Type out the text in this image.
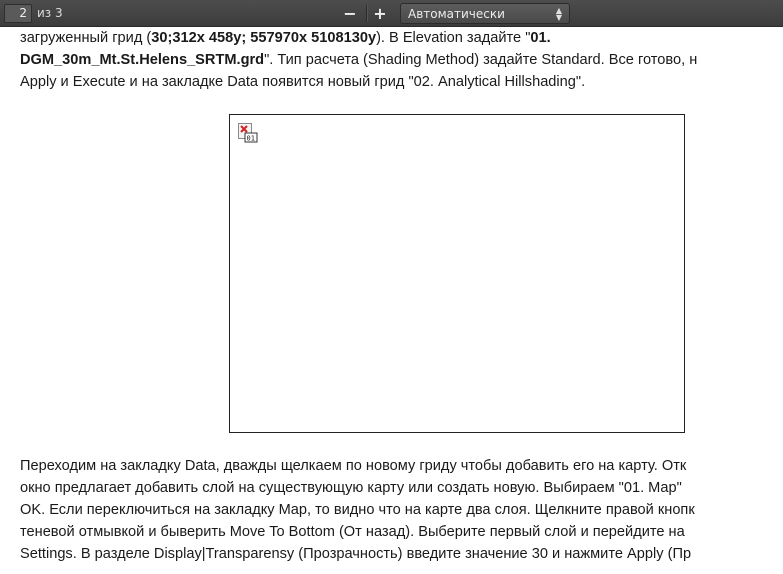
2 из 3	− +	Автоматически	▲
▼
загруженный грид (30;312x 458y; 557970x 5108130y). В Elevation задайте "01.
DGM_30m_Mt.St.Helens_SRTM.grd". Тип расчета (Shading Method) задайте Standard. Все готово, н
Apply и Execute и на закладке Data появится новый грид "02. Analytical Hillshading".
01
Переходим на закладку Data, дважды щелкаем по новому гриду чтобы добавить его на карту. Отк
окно предлагает добавить слой на существующую карту или создать новую. Выбираем "01. Map"
OK. Если переключиться на закладку Map, то видно что на карте два слоя. Щелкните правой кнопк
теневой отмывкой и быверить Move To Bottom (От назад). Выберите первый слой и перейдите на
Settings. В разделе Display|Transparensy (Прозрачность) введите значение 30 и нажмите Apply (Пр
